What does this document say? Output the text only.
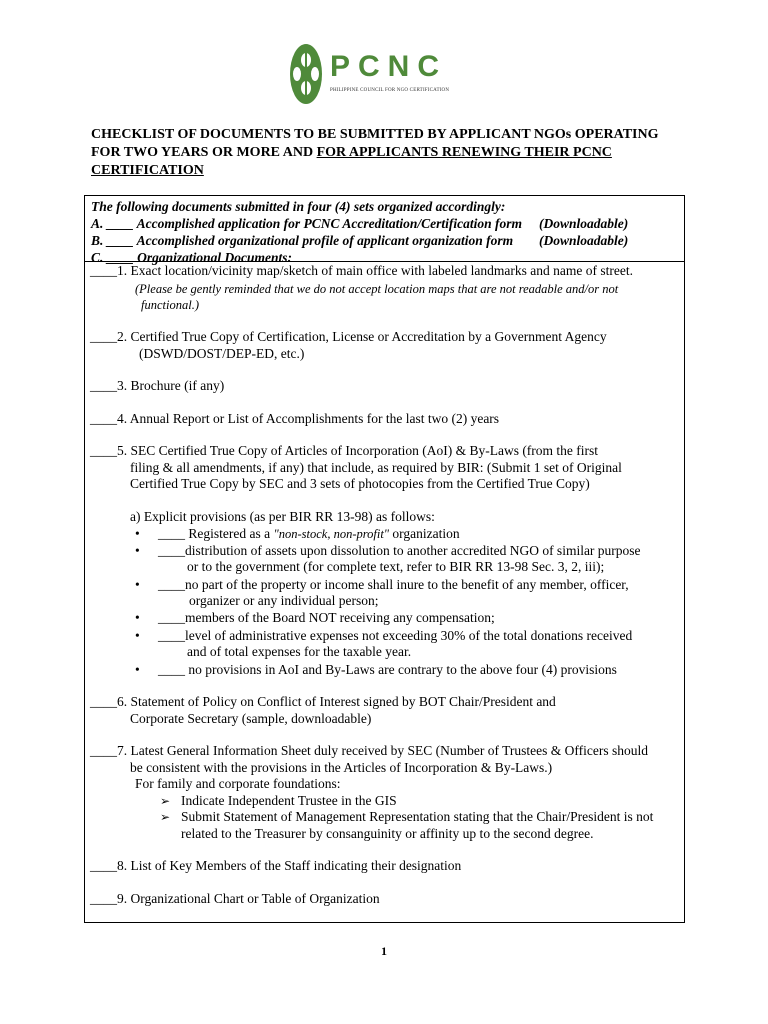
PCNC
PHILIPPINE COUNCIL FOR NGO CERTIFICATION
CHECKLIST OF DOCUMENTS TO BE SUBMITTED BY APPLICANT NGOs OPERATING
FOR TWO YEARS OR MORE AND FOR APPLICANTS RENEWING THEIR PCNC
CERTIFICATION
The following documents submitted in four (4) sets organized accordingly:
A. ____ Accomplished application for PCNC Accreditation/Certification form (Downloadable)
B. ____ Accomplished organizational profile of applicant organization form (Downloadable)
C. ____ Organizational Documents:
____1. Exact location/vicinity map/sketch of main office with labeled landmarks and name of street.
(Please be gently reminded that we do not accept location maps that are not readable and/or not
functional.)
____2. Certified True Copy of Certification, License or Accreditation by a Government Agency
(DSWD/DOST/DEP-ED, etc.)
____3. Brochure (if any)
____4. Annual Report or List of Accomplishments for the last two (2) years
____5. SEC Certified True Copy of Articles of Incorporation (AoI) & By-Laws (from the first
filing & all amendments, if any) that include, as required by BIR: (Submit 1 set of Original
Certified True Copy by SEC and 3 sets of photocopies from the Certified True Copy)
a) Explicit provisions (as per BIR RR 13-98) as follows:
• ____ Registered as a "non-stock, non-profit" organization
• ____distribution of assets upon dissolution to another accredited NGO of similar purpose
or to the government (for complete text, refer to BIR RR 13-98 Sec. 3, 2, iii);
• ____no part of the property or income shall inure to the benefit of any member, officer,
organizer or any individual person;
• ____members of the Board NOT receiving any compensation;
• ____level of administrative expenses not exceeding 30% of the total donations received
and of total expenses for the taxable year.
• ____ no provisions in AoI and By-Laws are contrary to the above four (4) provisions
____6. Statement of Policy on Conflict of Interest signed by BOT Chair/President and
Corporate Secretary (sample, downloadable)
____7. Latest General Information Sheet duly received by SEC (Number of Trustees & Officers should
be consistent with the provisions in the Articles of Incorporation & By-Laws.)
For family and corporate foundations:
➢ Indicate Independent Trustee in the GIS
➢ Submit Statement of Management Representation stating that the Chair/President is not
related to the Treasurer by consanguinity or affinity up to the second degree.
____8. List of Key Members of the Staff indicating their designation
____9. Organizational Chart or Table of Organization
1
